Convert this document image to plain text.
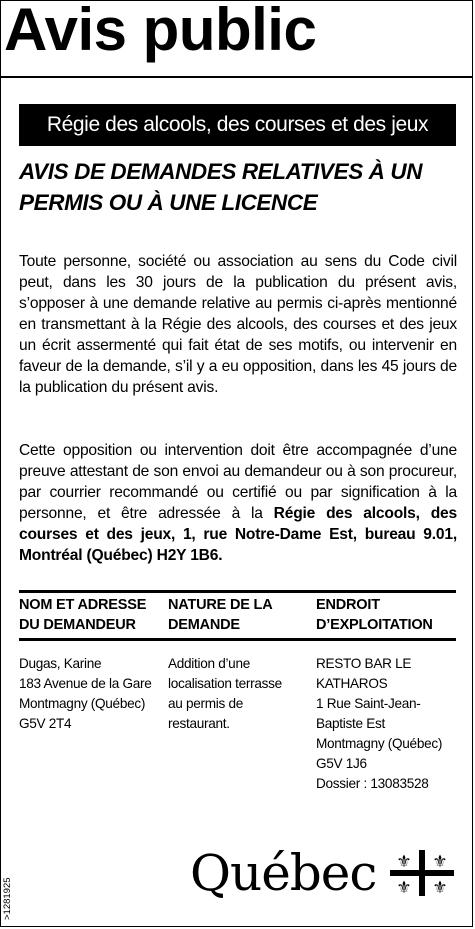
Avis public
Régie des alcools, des courses et des jeux
AVIS DE DEMANDES RELATIVES À UN
PERMIS OU À UNE LICENCE
Toute personne, société ou association au sens du Code civil peut, dans les 30 jours de la publication du présent avis, s’opposer à une demande relative au permis ci-après mentionné en transmettant à la Régie des alcools, des courses et des jeux un écrit assermenté qui fait état de ses motifs, ou intervenir en faveur de la demande, s’il y a eu opposition, dans les 45 jours de la publication du présent avis.
Cette opposition ou intervention doit être accompagnée d’une preuve attestant de son envoi au demandeur ou à son procureur, par courrier recommandé ou certifié ou par signification à la personne, et être adressée à la Régie des alcools, des courses et des jeux, 1, rue Notre-Dame Est, bureau 9.01, Montréal (Québec) H2Y 1B6.
NOM ET ADRESSE
DU DEMANDEUR
NATURE DE LA
DEMANDE
ENDROIT
D’EXPLOITATION
Dugas, Karine
183 Avenue de la Gare
Montmagny (Québec)
G5V 2T4
Addition d’une
localisation terrasse
au permis de
restaurant.
RESTO BAR LE
KATHAROS
1 Rue Saint-Jean-
Baptiste Est
Montmagny (Québec)
G5V 1J6
Dossier : 13083528
Québec ⚜ ⚜
⚜ ⚜
>1281925
